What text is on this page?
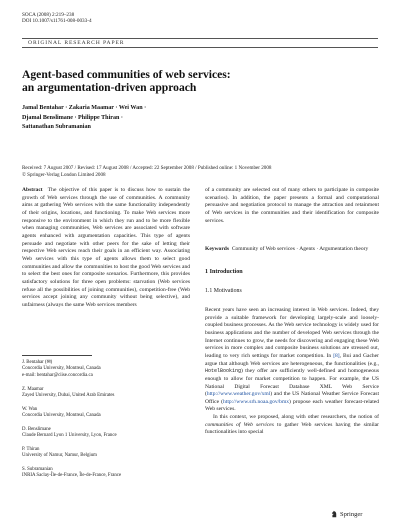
SOCA (2008) 2:219–238
DOI 10.1007/s11761-008-0033-4
ORIGINAL RESEARCH PAPER
Agent-based communities of web services:
an argumentation-driven approach
Jamal Bentahar · Zakaria Maamar · Wei Wan ·
Djamal Benslimane · Philippe Thiran ·
Sattanathan Subramanian
Received: 7 August 2007 / Revised: 17 August 2008 / Accepted: 22 September 2008 / Published online: 1 November 2008
© Springer-Verlag London Limited 2008

Abstract The objective of this paper is to discuss how to sustain the growth of Web services through the use of communities. A community aims at gathering Web services with the same functionality independently of their origins, locations, and functioning. To make Web services more responsive to the environment in which they run and to be more flexible when managing communities, Web services are associated with software agents enhanced with argumentation capacities. This type of agents persuade and negotiate with other peers for the sake of letting their respective Web services reach their goals in an efficient way. Associating Web services with this type of agents allows them to select good communities and allow the communities to host the good Web services and to select the best ones for composite scenarios. Furthermore, this provides satisfactory solutions for three open problems: starvation (Web services refuse all the possibilities of joining communities), competition-free (Web services accept joining any community without being selective), and unfairness (always the same Web services members

J. Bentahar (✉)
Concordia University, Montreal, Canada
e-mail: bentahar@ciise.concordia.ca
Z. Maamar
Zayed University, Dubai, United Arab Emirates
W. Wan
Concordia University, Montreal, Canada
D. Benslimane
Claude Bernard Lyon 1 University, Lyon, France
P. Thiran
University of Namur, Namur, Belgium
S. Subramanian
INRIA Saclay-Île-de-France, Île-de-France, France

of a community are selected out of many others to participate in composite scenarios). In addition, the paper presents a formal and computational persuasive and negotiation protocol to manage the attraction and retainment of Web services in the communities and their identification for composite services.

Keywords Community of Web services · Agents · Argumentation theory

1 Introduction
1.1 Motivations

Recent years have seen an increasing interest in Web services. Indeed, they provide a suitable framework for developing largely-scale and loosely-coupled business processes. As the Web service technology is widely used for business applications and the number of developed Web services through the Internet continues to grow, the needs for discovering and engaging these Web services in more complex and composite business solutions are stressed out, leading to very rich settings for market competition. In [8], Bui and Gacher argue that although Web services are heterogeneous, the functionalities (e.g., HotelBooking) they offer are sufficiently well-defined and homogeneous enough to allow for market competition to happen. For example, the US National Digital Forecast Database XML Web Service (http://www.weather.gov/xml) and the US National Weather Service Forecast Office (http://www.srh.noaa.gov/bmx) propose each weather forecast-related Web services.

In this context, we proposed, along with other researchers, the notion of communities of Web services to gather Web services having the similar functionalities into special

Springer
